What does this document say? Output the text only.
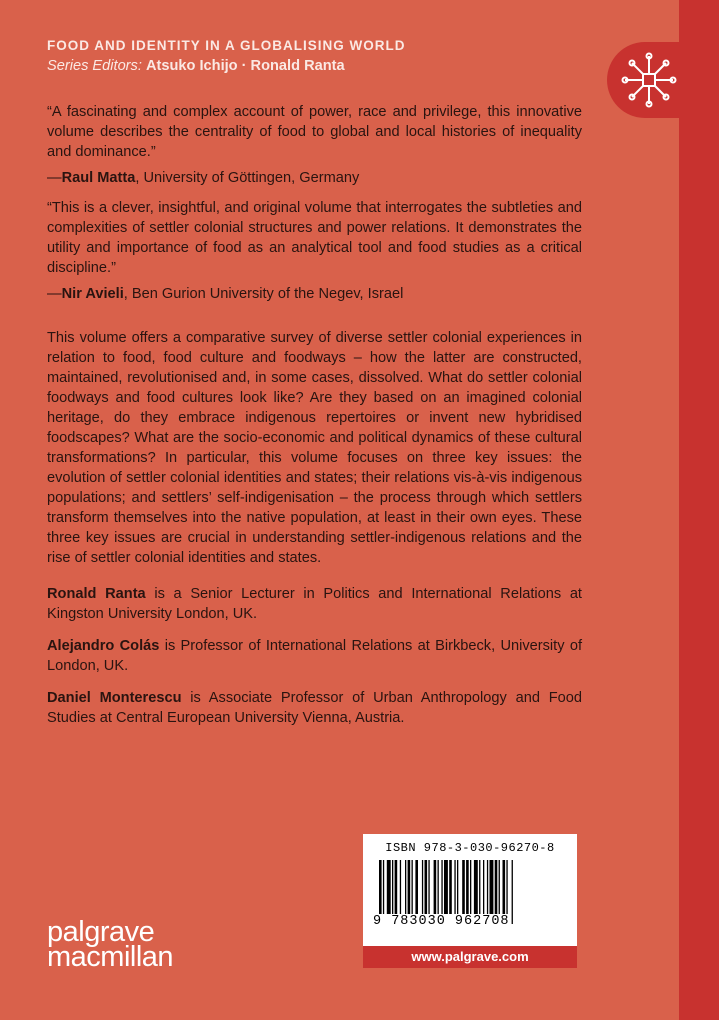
FOOD AND IDENTITY IN A GLOBALISING WORLD

Series Editors: Atsuko Ichijo · Ronald Ranta

“A fascinating and complex account of power, race and privilege, this innovative volume describes the centrality of food to global and local histories of inequality and dominance.”

—Raul Matta, University of Göttingen, Germany

“This is a clever, insightful, and original volume that interrogates the subtleties and complexities of settler colonial structures and power relations. It demonstrates the utility and importance of food as an analytical tool and food studies as a critical discipline.”

—Nir Avieli, Ben Gurion University of the Negev, Israel

This volume offers a comparative survey of diverse settler colonial experiences in relation to food, food culture and foodways – how the latter are constructed, maintained, revolutionised and, in some cases, dissolved. What do settler colonial foodways and food cultures look like? Are they based on an imagined colonial heritage, do they embrace indigenous repertoires or invent new hybridised foodscapes? What are the socio-economic and political dynamics of these cultural transformations? In particular, this volume focuses on three key issues: the evolution of settler colonial identities and states; their relations vis-à-vis indigenous populations; and settlers’ self-indigenisation – the process through which settlers transform themselves into the native population, at least in their own eyes. These three key issues are crucial in understanding settler-indigenous relations and the rise of settler colonial identities and states.

Ronald Ranta is a Senior Lecturer in Politics and International Relations at Kingston University London, UK.

Alejandro Colás is Professor of International Relations at Birkbeck, University of London, UK.

Daniel Monterescu is Associate Professor of Urban Anthropology and Food Studies at Central European University Vienna, Austria.

ISBN 978-3-030-96270-8
9 783030 962708
www.palgrave.com
palgrave
macmillan
